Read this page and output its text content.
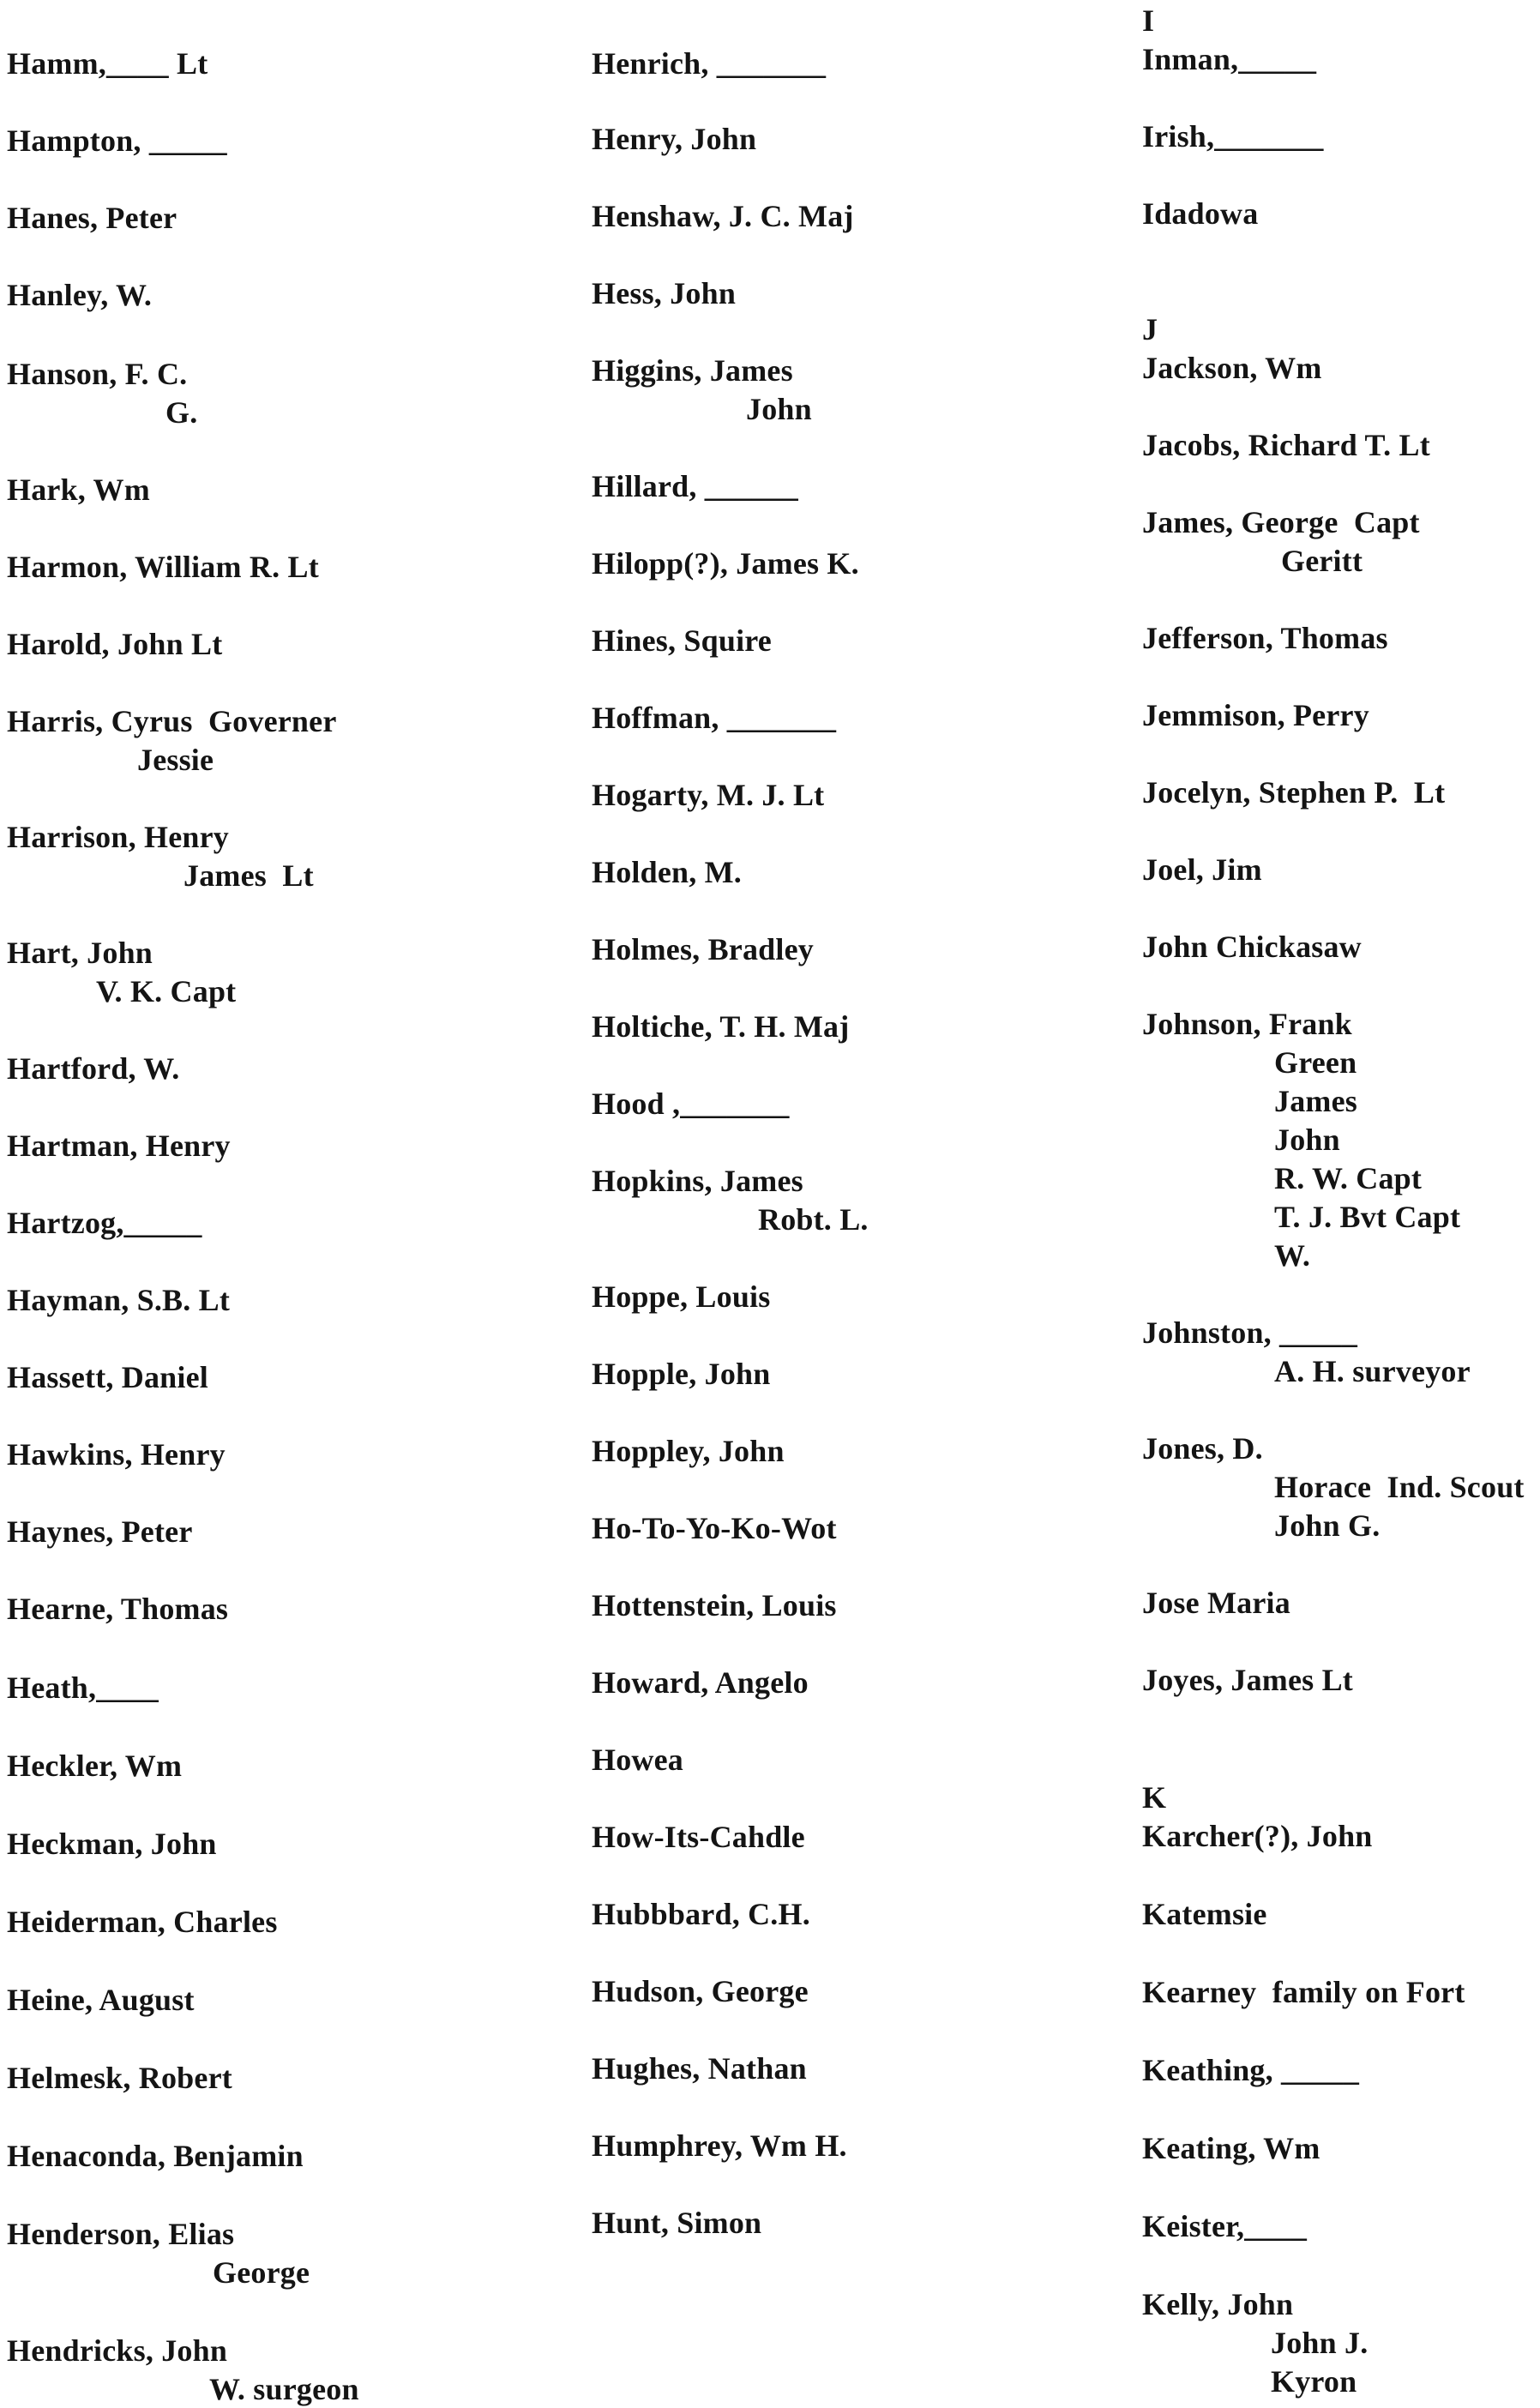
Hamm,____ Lt
Hampton, _____
Hanes, Peter
Hanley, W.
Hanson, F. C.
G.
Hark, Wm
Harmon, William R. Lt
Harold, John Lt
Harris, Cyrus  Governer
Jessie
Harrison, Henry
James  Lt
Hart, John
V. K. Capt
Hartford, W.
Hartman, Henry
Hartzog,_____
Hayman, S.B. Lt
Hassett, Daniel
Hawkins, Henry
Haynes, Peter
Hearne, Thomas
Heath,____
Heckler, Wm
Heckman, John
Heiderman, Charles
Heine, August
Helmesk, Robert
Henaconda, Benjamin
Henderson, Elias
George
Hendricks, John
W. surgeon
Henrich, _______
Henry, John
Henshaw, J. C. Maj
Hess, John
Higgins, James
John
Hillard, ______
Hilopp(?), James K.
Hines, Squire
Hoffman, _______
Hogarty, M. J. Lt
Holden, M.
Holmes, Bradley
Holtiche, T. H. Maj
Hood ,_______
Hopkins, James
Robt. L.
Hoppe, Louis
Hopple, John
Hoppley, John
Ho-To-Yo-Ko-Wot
Hottenstein, Louis
Howard, Angelo
Howea
How-Its-Cahdle
Hubbbard, C.H.
Hudson, George
Hughes, Nathan
Humphrey, Wm H.
Hunt, Simon
I
Inman,_____
Irish,_______
Idadowa
J
Jackson, Wm
Jacobs, Richard T. Lt
James, George  Capt
Geritt
Jefferson, Thomas
Jemmison, Perry
Jocelyn, Stephen P.  Lt
Joel, Jim
John Chickasaw
Johnson, Frank
Green
James
John
R. W. Capt
T. J. Bvt Capt
W.
Johnston, _____
A. H. surveyor
Jones, D.
Horace  Ind. Scout
John G.
Jose Maria
Joyes, James Lt
K
Karcher(?), John
Katemsie
Kearney  family on Fort
Keathing, _____
Keating, Wm
Keister,____
Kelly, John
John J.
Kyron
